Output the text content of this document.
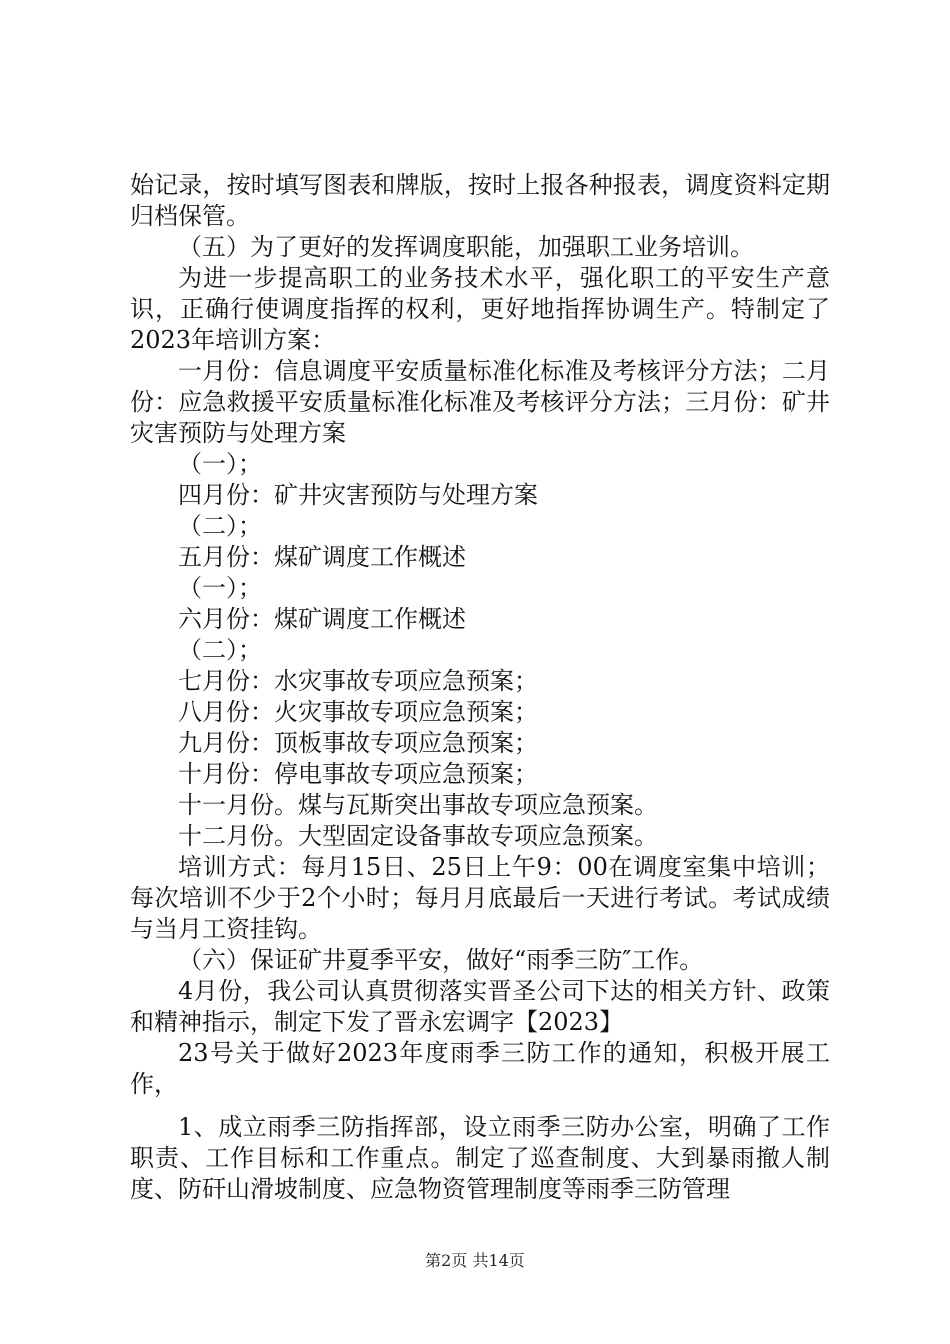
始记录，按时填写图表和牌版，按时上报各种报表，调度资料定期归档保管。

（五）为了更好的发挥调度职能，加强职工业务培训。

为进一步提高职工的业务技术水平，强化职工的平安生产意识，正确行使调度指挥的权利，更好地指挥协调生产。特制定了2023年培训方案：

一月份：信息调度平安质量标准化标准及考核评分方法；二月份：应急救援平安质量标准化标准及考核评分方法；三月份：矿井灾害预防与处理方案

（一）；

四月份：矿井灾害预防与处理方案

（二）；

五月份：煤矿调度工作概述

（一）；

六月份：煤矿调度工作概述

（二）；

七月份：水灾事故专项应急预案；

八月份：火灾事故专项应急预案；

九月份：顶板事故专项应急预案；

十月份：停电事故专项应急预案；

十一月份。煤与瓦斯突出事故专项应急预案。

十二月份。大型固定设备事故专项应急预案。

培训方式：每月15日、25日上午9：00在调度室集中培训；每次培训不少于2个小时；每月月底最后一天进行考试。考试成绩与当月工资挂钩。

（六）保证矿井夏季平安，做好“雨季三防″工作。

4月份，我公司认真贯彻落实晋圣公司下达的相关方针、政策和精神指示，制定下发了晋永宏调字【2023】

23号关于做好2023年度雨季三防工作的通知，积极开展工作，

1、成立雨季三防指挥部，设立雨季三防办公室，明确了工作职责、工作目标和工作重点。制定了巡查制度、大到暴雨撤人制度、防矸山滑坡制度、应急物资管理制度等雨季三防管理

第2页 共14页
